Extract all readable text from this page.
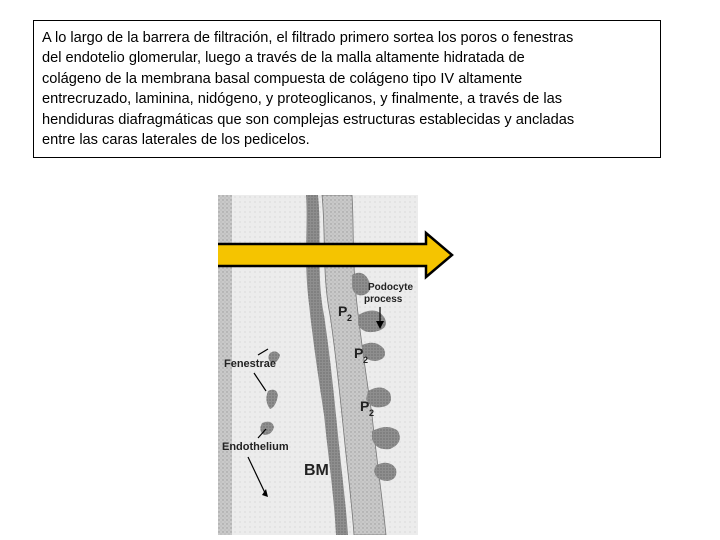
A lo largo de la barrera de filtración, el filtrado primero sortea los poros o fenestras
del endotelio glomerular, luego a través de la malla altamente hidratada de
colágeno de la membrana basal compuesta de colágeno tipo IV altamente
entrecruzado, laminina, nidógeno, y proteoglicanos, y finalmente, a través de las
hendiduras diafragmáticas que son complejas estructuras establecidas y ancladas
entre las caras laterales de los pedicelos.
Podocyte
process
P 2
P 2
P 2
Fenestrae
Endothelium
BM
